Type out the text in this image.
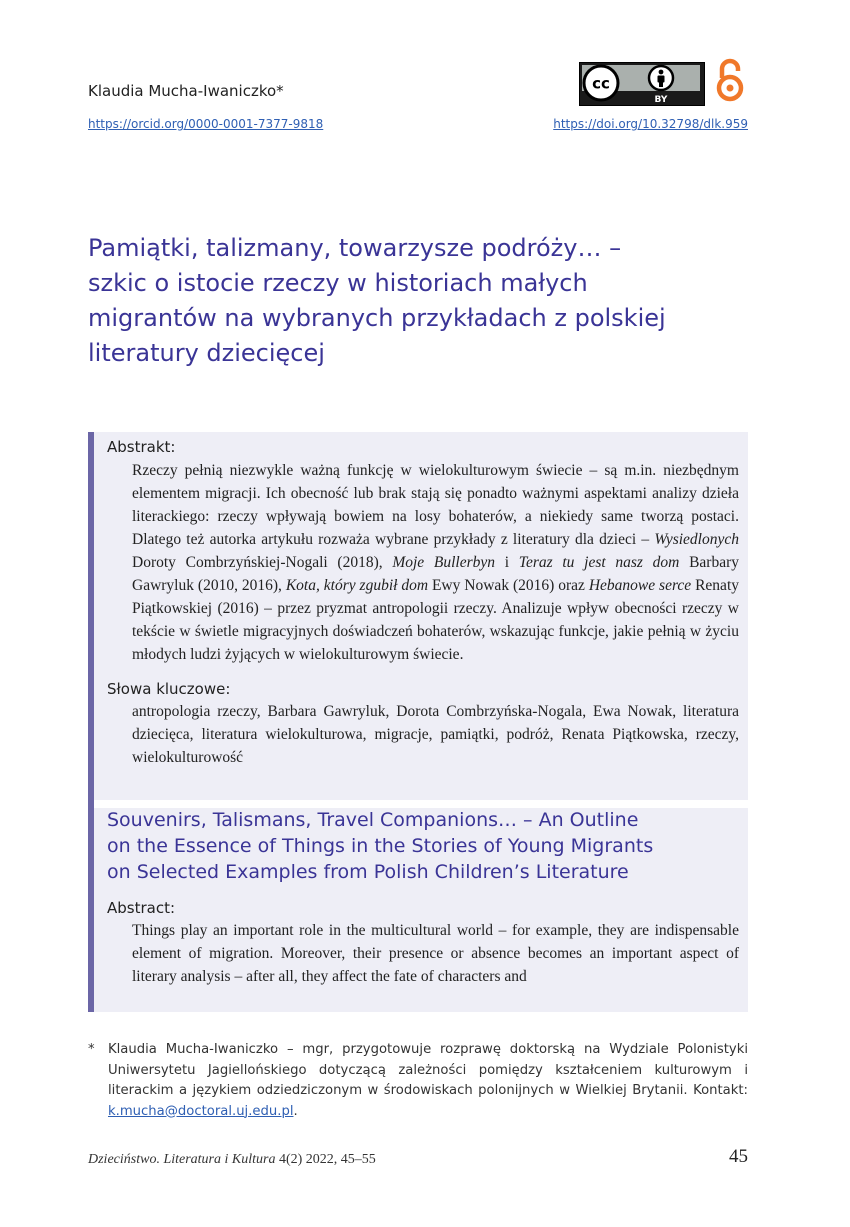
Klaudia Mucha-Iwaniczko*
https://orcid.org/0000-0001-7377-9818	https://doi.org/10.32798/dlk.959
cc
BY
Pamiątki, talizmany, towarzysze podróży… –
szkic o istocie rzeczy w historiach małych
migrantów na wybranych przykładach z polskiej
literatury dziecięcej
Abstrakt:
Rzeczy pełnią niezwykle ważną funkcję w wielokulturowym świecie – są m.in. niezbędnym elementem migracji. Ich obecność lub brak stają się ponadto ważnymi aspektami analizy dzieła literackiego: rzeczy wpływają bowiem na losy bohaterów, a niekiedy same tworzą postaci. Dlatego też autorka artykułu rozważa wybrane przykłady z literatury dla dzieci – Wysiedlonych Doroty Combrzyńskiej-Nogali (2018), Moje Bullerbyn i Teraz tu jest nasz dom Barbary Gawryluk (2010, 2016), Kota, który zgubił dom Ewy Nowak (2016) oraz Hebanowe serce Renaty Piątkowskiej (2016) – przez pryzmat antropologii rzeczy. Analizuje wpływ obecności rzeczy w tekście w świetle migracyjnych doświadczeń bohaterów, wskazując funkcje, jakie pełnią w życiu młodych ludzi żyjących w wielokulturowym świecie.
Słowa kluczowe:
antropologia rzeczy, Barbara Gawryluk, Dorota Combrzyńska-Nogala, Ewa Nowak, literatura dziecięca, literatura wielokulturowa, migracje, pamiątki, podróż, Renata Piątkowska, rzeczy, wielokulturowość
Souvenirs, Talismans, Travel Companions… – An Outline
on the Essence of Things in the Stories of Young Migrants
on Selected Examples from Polish Children’s Literature
Abstract:
Things play an important role in the multicultural world – for example, they are indispensable element of migration. Moreover, their presence or absence becomes an important aspect of literary analysis – after all, they affect the fate of characters and
* Klaudia Mucha-Iwaniczko – mgr, przygotowuje rozprawę doktorską na Wydziale Polonistyki Uniwersytetu Jagiellońskiego dotyczącą zależności pomiędzy kształceniem kulturowym i literackim a językiem odziedziczonym w środowiskach polonijnych w Wielkiej Brytanii. Kontakt: k.mucha@doctoral.uj.edu.pl.
Dzieciństwo. Literatura i Kultura 4(2) 2022, 45–55	45
